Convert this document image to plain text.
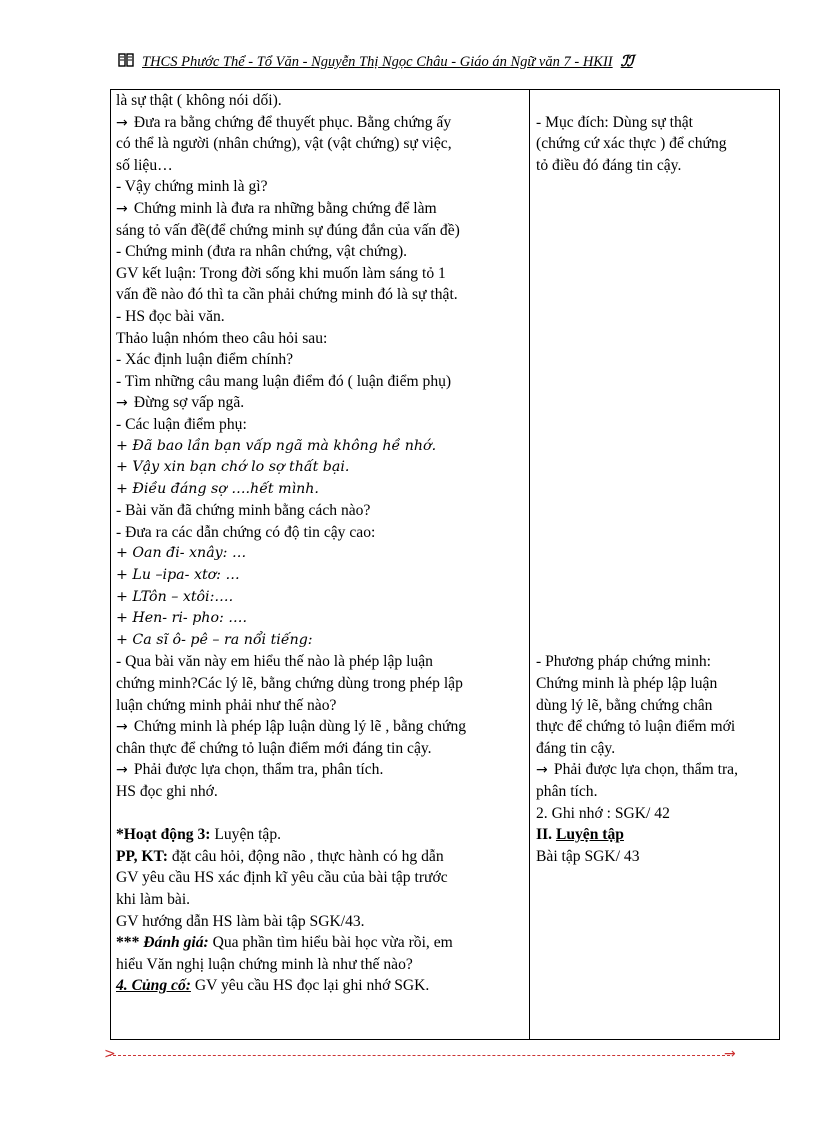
THCS Phước Thể - Tổ Văn - Nguyễn Thị Ngọc Châu - Giáo án Ngữ văn 7 - HKII ℐℐ
là sự thật ( không nói dối).
→ Đưa ra bằng chứng để thuyết phục. Bằng chứng ấy
có thể là người (nhân chứng), vật (vật chứng) sự việc,
số liệu…
- Vậy chứng minh là gì?
→ Chứng minh là đưa ra những bằng chứng để làm
sáng tỏ vấn đề(để chứng minh sự đúng đắn của vấn đề)
- Chứng minh (đưa ra nhân chứng, vật chứng).
GV kết luận: Trong đời sống khi muốn làm sáng tỏ 1
vấn đề nào đó thì ta cần phải chứng minh đó là sự thật.
- HS đọc bài văn.
Thảo luận nhóm theo câu hỏi sau:
- Xác định luận điểm chính?
- Tìm những câu mang luận điểm đó ( luận điểm phụ)
→ Đừng sợ vấp ngã.
- Các luận điểm phụ:
+ Đã bao lần bạn vấp ngã mà không hề nhớ.
+ Vậy xin bạn chớ lo sợ thất bại.
+ Điều đáng sợ ….hết mình.
- Bài văn đã chứng minh bằng cách nào?
- Đưa ra các dẫn chứng có độ tin cậy cao:
+ Oan đi- xnây: …
+ Lu –ipa- xtơ: …
+ LTôn – xtôi:….
+ Hen- ri- pho: ….
+ Ca sĩ ô- pê – ra nổi tiếng:
- Qua bài văn này em hiểu thế nào là phép lập luận
chứng minh?Các lý lẽ, bằng chứng dùng trong phép lập
luận chứng minh phải như thế nào?
→ Chứng minh là phép lập luận dùng lý lẽ , bằng chứng
chân thực để chứng tỏ luận điểm mới đáng tin cậy.
→ Phải được lựa chọn, thẩm tra, phân tích.
HS đọc ghi nhớ.
*Hoạt động 3: Luyện tập.
PP, KT: đặt câu hỏi, động não , thực hành có hg dẫn
GV yêu cầu HS xác định kĩ yêu cầu của bài tập trước
khi làm bài.
GV hướng dẫn HS làm bài tập SGK/43.
*** Đánh giá: Qua phần tìm hiểu bài học vừa rồi, em
hiểu Văn nghị luận chứng minh là như thế nào?
4. Củng cố: GV yêu cầu HS đọc lại ghi nhớ SGK.
- Mục đích: Dùng sự thật
(chứng cứ xác thực ) để chứng
tỏ điều đó đáng tin cậy.
- Phương pháp chứng minh:
Chứng minh là phép lập luận
dùng lý lẽ, bằng chứng chân
thực để chứng tỏ luận điểm mới
đáng tin cậy.
→ Phải được lựa chọn, thẩm tra,
phân tích.
2. Ghi nhớ : SGK/ 42
II. Luyện tập
Bài tập SGK/ 43
>	→
